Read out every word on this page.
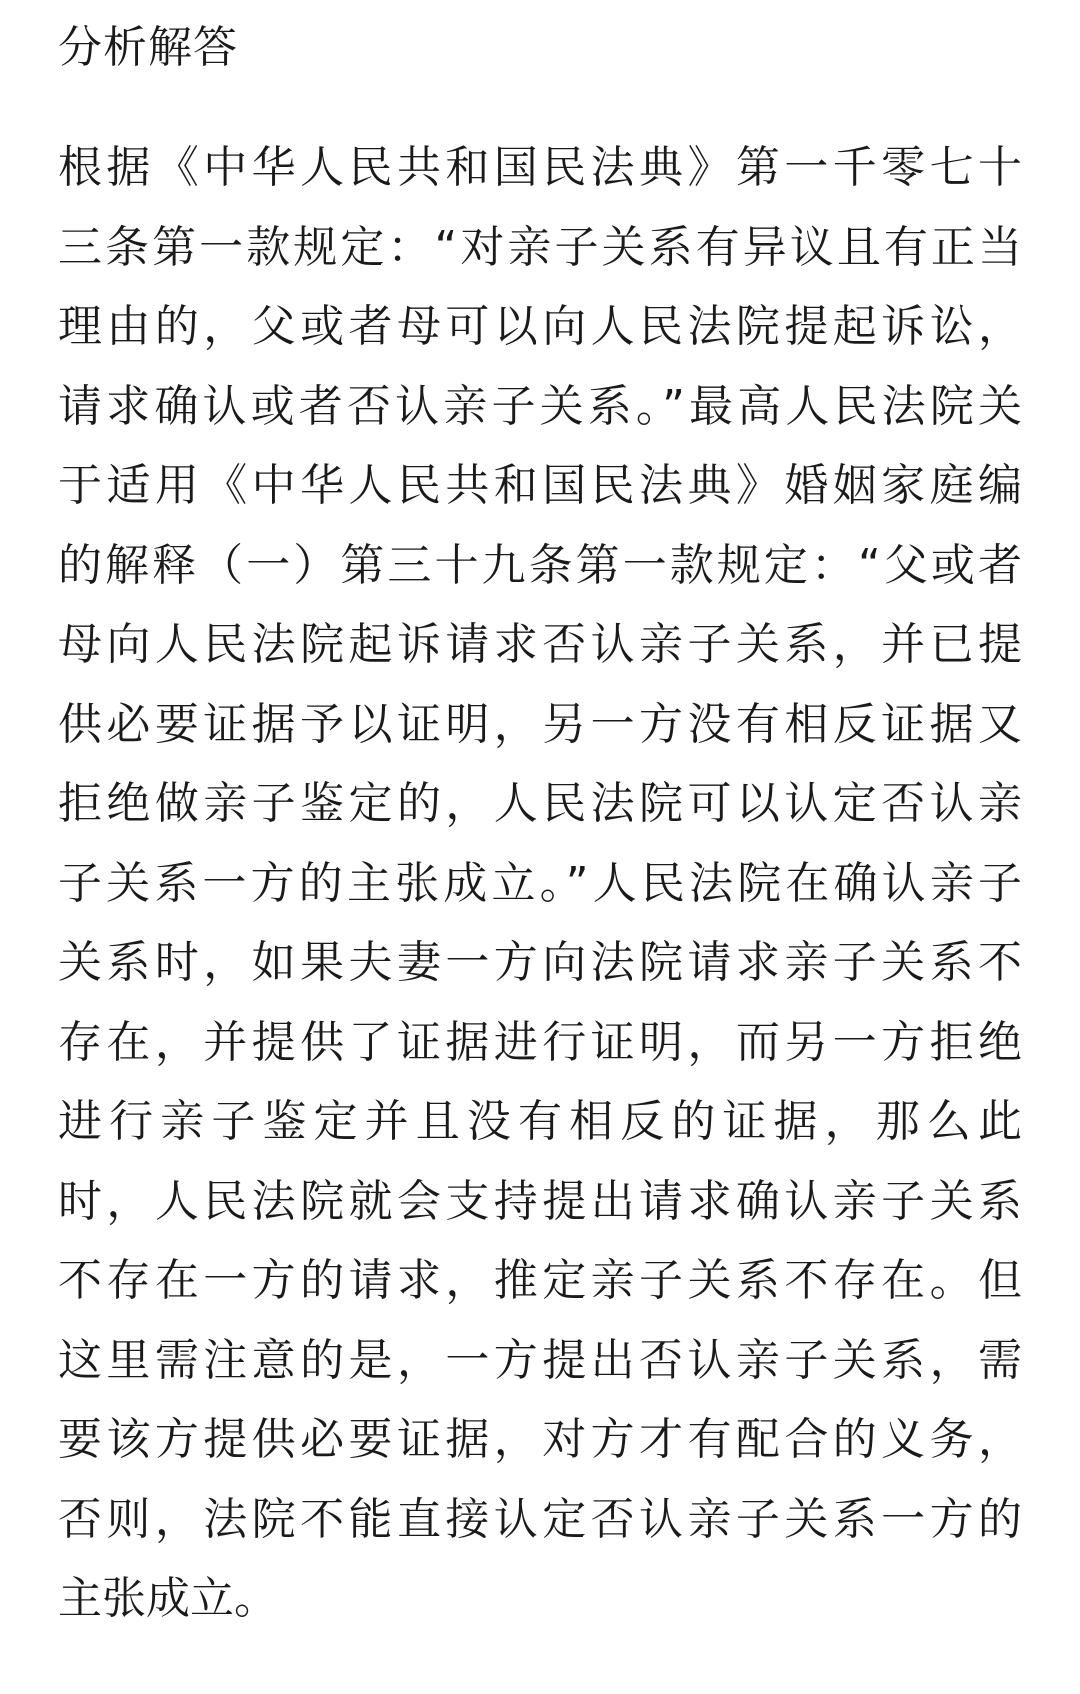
分析解答
根据《中华人民共和国民法典》第一千零七十
三条第一款规定：“对亲子关系有异议且有正当
理由的，父或者母可以向人民法院提起诉讼，
请求确认或者否认亲子关系。”最高人民法院关
于适用《中华人民共和国民法典》婚姻家庭编
的解释（一）第三十九条第一款规定：“父或者
母向人民法院起诉请求否认亲子关系，并已提
供必要证据予以证明，另一方没有相反证据又
拒绝做亲子鉴定的，人民法院可以认定否认亲
子关系一方的主张成立。”人民法院在确认亲子
关系时，如果夫妻一方向法院请求亲子关系不
存在，并提供了证据进行证明，而另一方拒绝
进行亲子鉴定并且没有相反的证据，那么此
时，人民法院就会支持提出请求确认亲子关系
不存在一方的请求，推定亲子关系不存在。但
这里需注意的是，一方提出否认亲子关系，需
要该方提供必要证据，对方才有配合的义务，
否则，法院不能直接认定否认亲子关系一方的
主张成立。
